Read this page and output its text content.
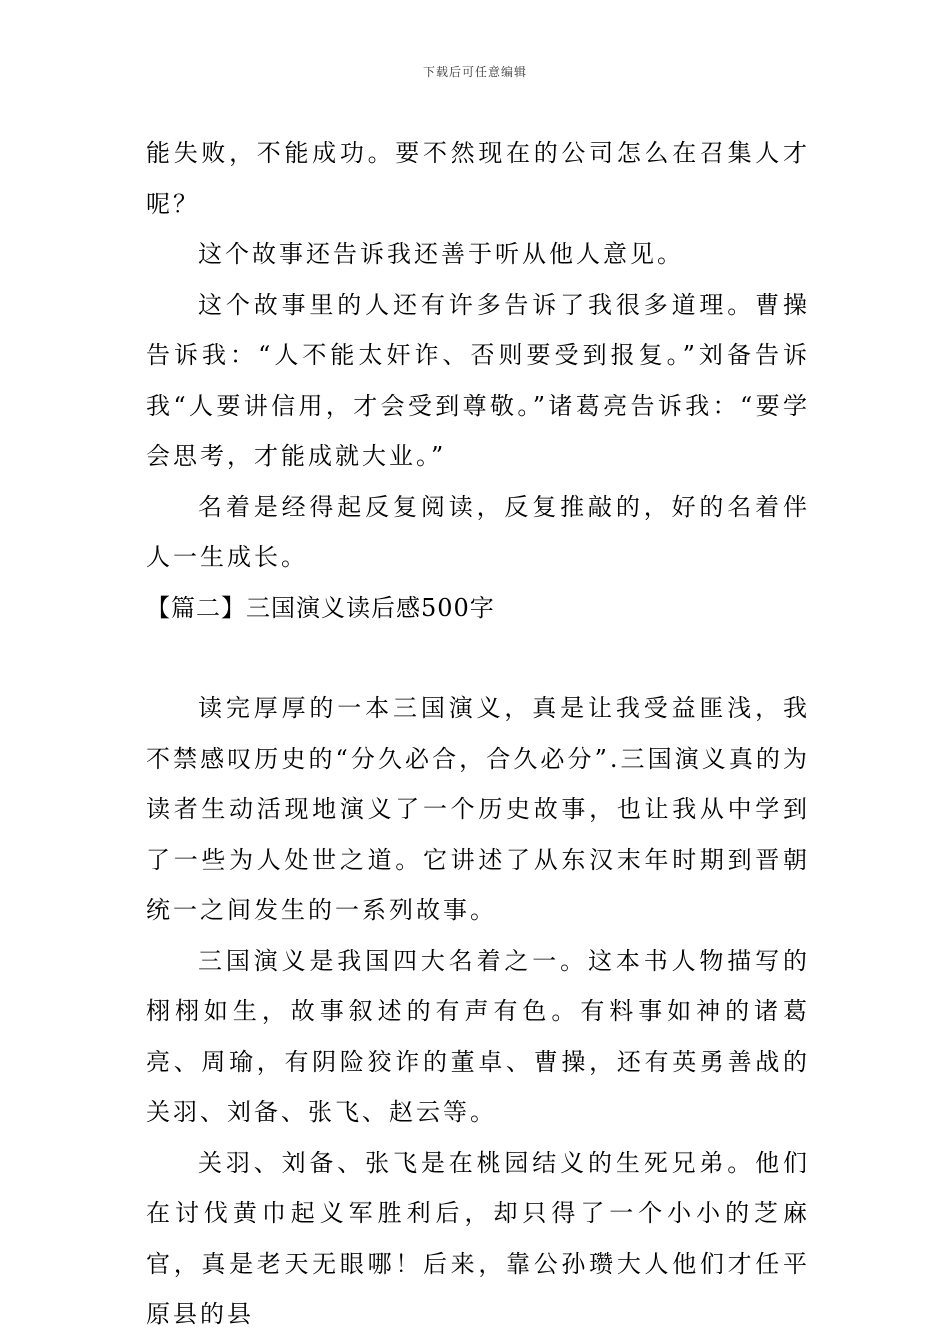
下载后可任意编辑

能失败，不能成功。要不然现在的公司怎么在召集人才呢？

这个故事还告诉我还善于听从他人意见。

这个故事里的人还有许多告诉了我很多道理。曹操告诉我：“人不能太奸诈、否则要受到报复。”刘备告诉我“人要讲信用，才会受到尊敬。”诸葛亮告诉我：“要学会思考，才能成就大业。”

名着是经得起反复阅读，反复推敲的，好的名着伴人一生成长。

【篇二】三国演义读后感500字

读完厚厚的一本三国演义，真是让我受益匪浅，我不禁感叹历史的“分久必合，合久必分”.三国演义真的为读者生动活现地演义了一个历史故事，也让我从中学到了一些为人处世之道。它讲述了从东汉末年时期到晋朝统一之间发生的一系列故事。

三国演义是我国四大名着之一。这本书人物描写的栩栩如生，故事叙述的有声有色。有料事如神的诸葛亮、周瑜，有阴险狡诈的董卓、曹操，还有英勇善战的关羽、刘备、张飞、赵云等。

关羽、刘备、张飞是在桃园结义的生死兄弟。他们在讨伐黄巾起义军胜利后，却只得了一个小小的芝麻官，真是老天无眼哪！后来，靠公孙瓒大人他们才任平原县的县
